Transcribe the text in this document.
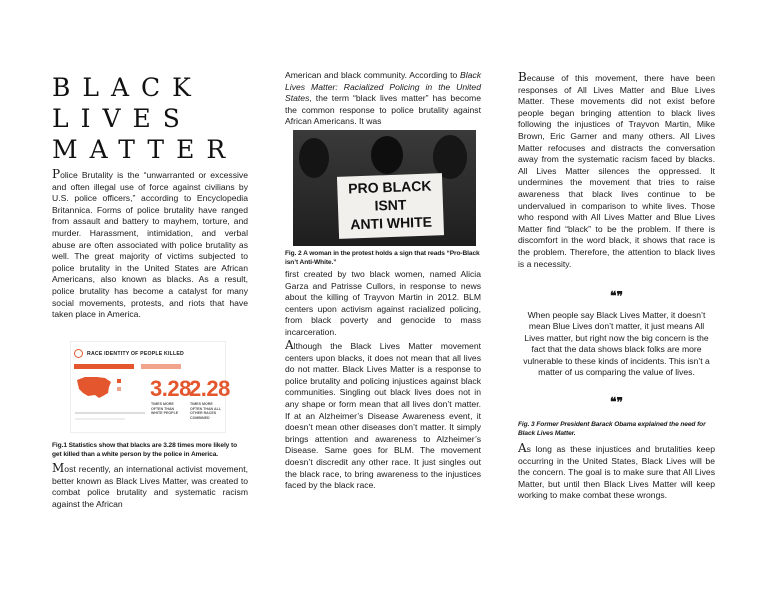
BLACK
LIVES
MATTER

Police Brutality is the “unwarranted or excessive and often illegal use of force against civilians by U.S. police officers,” according to Encyclopedia Britannica. Forms of police brutality have ranged from assault and battery to mayhem, torture, and murder. Harassment, intimidation, and verbal abuse are often associated with police brutality as well. The great majority of victims subjected to police brutality in the United States are African Americans, also known as blacks. As a result, police brutality has become a catalyst for many social movements, protests, and riots that have taken place in America.

RACE IDENTITY OF PEOPLE KILLED
3.28
TIMES MORE OFTEN THAN WHITE PEOPLE
2.28
TIMES MORE OFTEN THAN ALL OTHER RACES COMBINED

Fig.1 Statistics show that blacks are 3.28 times more likely to get killed than a white person by the police in America.

Most recently, an international activist movement, better known as Black Lives Matter, was created to combat police brutality and systematic racism against the African

American and black community. According to Black Lives Matter: Racialized Policing in the United States, the term “black lives matter” has become the common response to police brutality against African Americans. It was

PRO BLACK
ISNT
ANTI WHITE

Fig. 2 A woman in the protest holds a sign that reads “Pro-Black isn’t Anti-White.”

first created by two black women, named Alicia Garza and Patrisse Cullors, in response to news about the killing of Trayvon Martin in 2012. BLM centers upon activism against racialized policing, from black poverty and genocide to mass incarceration.

Although the Black Lives Matter movement centers upon blacks, it does not mean that all lives do not matter. Black Lives Matter is a response to police brutality and policing injustices against black communities. Singling out black lives does not in any shape or form mean that all lives don’t matter. If at an Alzheimer’s Disease Awareness event, it doesn’t mean other diseases don’t matter. It simply brings attention and awareness to Alzheimer’s Disease. Same goes for BLM. The movement doesn’t discredit any other race. It just singles out the black race, to bring awareness to the injustices faced by the black race.

Because of this movement, there have been responses of All Lives Matter and Blue Lives Matter. These movements did not exist before people began bringing attention to black lives following the injustices of Trayvon Martin, Mike Brown, Eric Garner and many others. All Lives Matter refocuses and distracts the conversation away from the systematic racism faced by blacks. All Lives Matter silences the oppressed. It undermines the movement that tries to raise awareness that black lives continue to be undervalued in comparison to white lives. Those who respond with All Lives Matter and Blue Lives Matter find “black” to be the problem. If there is discomfort in the word black, it shows that race is the problem. Therefore, the attention to black lives is a necessity.

❝❞

When people say Black Lives Matter, it doesn’t mean Blue Lives don’t matter, it just means All Lives matter, but right now the big concern is the fact that the data shows black folks are more vulnerable to these kinds of incidents. This isn’t a matter of us comparing the value of lives.

❝❞

Fig. 3 Former President Barack Obama explained the need for Black Lives Matter.

As long as these injustices and brutalities keep occurring in the United States, Black Lives will be the concern. The goal is to make sure that All Lives Matter, but until then Black Lives Matter will keep working to make combat these wrongs.
